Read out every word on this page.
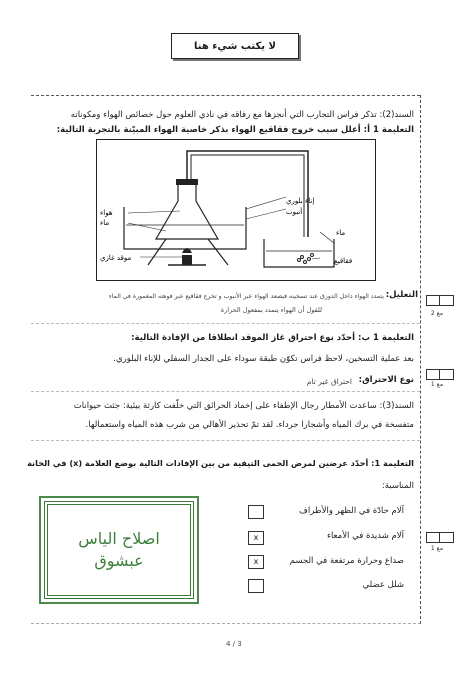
لا يكتب شيء هنا
السند(2): تذكر فراس التجارب التي أنجزها مع رفاقه في نادي العلوم حول خصائص الهواء ومكوناته
التعليمة 1 أ: أعلل سبب خروج فقاقيع الهواء بذكر خاصية الهواء المبيّنة بالتجربة التالية:
إناء بلوري
أنبوب
ماء
فقاقيع
هواء
ماء
موقد غازي
التعليل:
يتمدد الهواء داخل الدورق عند تسخينه فيصعد الهواء عبر الأنبوب و تخرج فقاقيع عبر فوهته المغمورة في الماء
للقول أن الهواء يتمدد بمفعول الحرارة	مع 2
التعليمة 1 ب: أحدّد نوع احتراق غاز الموقد انطلاقا من الإفادة التالية:
بعد عملية التسخين، لاحظ فراس تكوّن طبقة سوداء على الجدار السفلي للإناء البلوري.
نوع الاحتراق:
احتراق غير تام	مع 1
السند(3): ساعدت الأمطار رجال الإطفاء على إخماد الحرائق التي خلّفت كارثة بيئية: جثث حيوانات
متفسخة في برك المياه وأشجارا جرداء. لقد تمّ تحذير الأهالي من شرب هذه المياه واستعمالها.
التعليمة 1: أحدّد عرضين لمرض الحمى التيفية من بين الإفادات التالية بوضع العلامة (x) في الخانة
المناسبة:
آلام حادّة في الظهر والأطراف
آلام شديدة في الأمعاء
x
صداع وحرارة مرتفعة في الجسم
x
شلل عضلي
مع 1
اصلاح الياس
عبشوق
4 / 3
